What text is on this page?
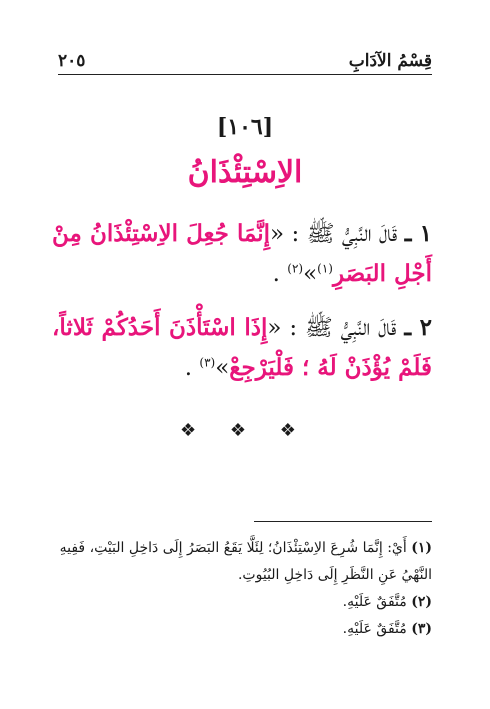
قِسْمُ الآدَابِ
٢٠٥
[١٠٦]
الاِسْتِئْذَانُ

١ ـ قَالَ النَّبِيُّ ﷺ : «إِنَّمَا جُعِلَ الاِسْتِئْذَانُ مِنْ أَجْلِ البَصَرِ$^{(١)}$»$^{(٢)}$ .

٢ ـ قَالَ النَّبِيُّ ﷺ : «إِذَا اسْتَأْذَنَ أَحَدُكُمْ ثَلاثاً، فَلَمْ يُؤْذَنْ لَهُ ؛ فَلْيَرْجِعْ»$^{(٣)}$ .

❖ ❖ ❖

(١) أَيْ: إِنَّمَا شُرِعَ الاِسْتِئْذَانُ؛ لِئَلَّا يَقَعُ البَصَرُ إِلَى دَاخِلِ البَيْتِ، فَفِيهِ النَّهْيُ عَنِ النَّظَرِ إِلَى دَاخِلِ البُيُوتِ.

(٢) مُتَّفَقٌ عَلَيْهِ.

(٣) مُتَّفَقٌ عَلَيْهِ.
